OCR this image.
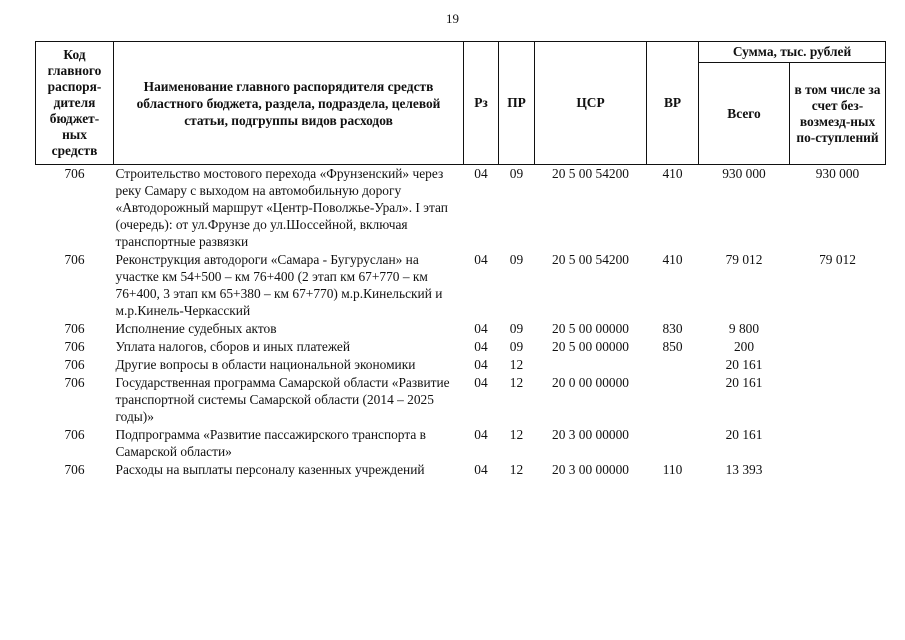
19
Код главного распоря-дителя бюджет-ных средств	Наименование главного распорядителя средств областного бюджета, раздела, подраздела, целевой статьи, подгруппы видов расходов	Рз	ПР	ЦСР	ВР	Сумма, тыс. рублей	
						Всего	в том числе за счет без-возмезд-ных по-ступлений
706	Строительство мостового перехода «Фрунзенский» через реку Самару с выходом на автомобильную дорогу «Автодорожный маршрут «Центр-Поволжье-Урал». I этап (очередь): от ул.Фрунзе до ул.Шоссейной, включая транспортные развязки	04	09	20 5 00 54200	410	930 000	930 000
706	Реконструкция автодороги «Самара - Бугуруслан» на участке км 54+500 – км 76+400 (2 этап км 67+770 – км 76+400, 3 этап км 65+380 – км 67+770) м.р.Кинельский и м.р.Кинель-Черкасский	04	09	20 5 00 54200	410	79 012	79 012
706	Исполнение судебных актов	04	09	20 5 00 00000	830	9 800	
706	Уплата налогов, сборов и иных платежей	04	09	20 5 00 00000	850	200	
706	Другие вопросы в области национальной экономики	04	12			20 161	
706	Государственная программа Самарской области «Развитие транспортной системы Самарской области (2014 – 2025 годы)»	04	12	20 0 00 00000		20 161	
706	Подпрограмма «Развитие пассажирского транспорта в Самарской области»	04	12	20 3 00 00000		20 161	
706	Расходы на выплаты персоналу казенных учреждений	04	12	20 3 00 00000	110	13 393	
